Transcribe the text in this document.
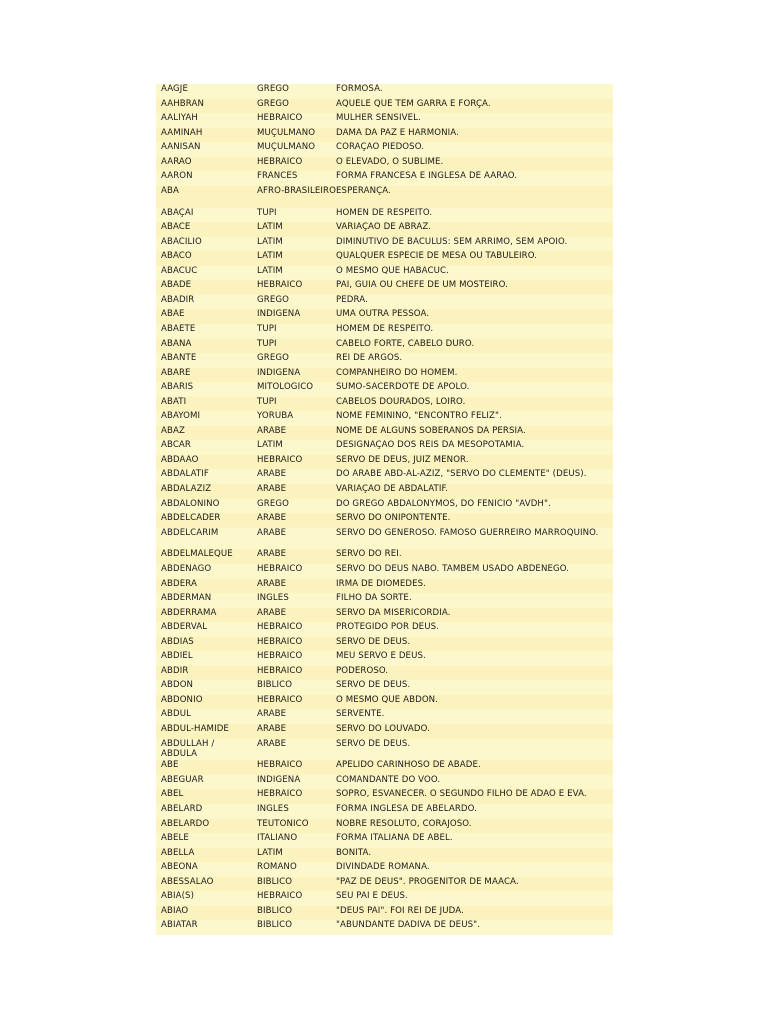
AAGJE	GREGO	FORMOSA.
AAHBRAN	GREGO	AQUELE QUE TEM GARRA E FORÇA.
AALIYAH	HEBRAICO	MULHER SENSÍVEL.
AAMINAH	MUÇULMANO	DAMA DA PAZ E HARMONIA.
AANISAN	MUÇULMANO	CORAÇÃO PIEDOSO.
AARÃO	HEBRAICO	O ELEVADO, O SUBLIME.
AARON	FRANCÊS	FORMA FRANCESA E INGLESA DE AARÃO.
ABÁ	AFRO-BRASILEIRO	ESPERANÇA.
ABAÇAI	TUPI	HOMEN DE RESPEITO.
ABACE	LATIM	VARIAÇÃO DE ABRAZ.
ABACÍLIO	LATIM	DIMINUTIVO DE BACULUS: SEM ARRIMO, SEM APOIO.
ÁBACO	LATIM	QUALQUER ESPÉCIE DE MESA OU TABULEIRO.
ABACUC	LATIM	O MESMO QUE HABACUC.
ABADE	HEBRAICO	PAI, GUIA OU CHEFE DE UM MOSTEIRO.
ABADIR	GREGO	PEDRA.
ABAÉ	INDÍGENA	UMA OUTRA PESSOA.
ABAETÉ	TUPI	HOMEM DE RESPEITO.
ABANA	TUPI	CABELO FORTE, CABELO DURO.
ABANTE	GREGO	REI DE ARGOS.
ABARÉ	INDÍGENA	COMPANHEIRO DO HOMEM.
ABÁRIS	MITOLÓGICO	SUMO-SACERDOTE DE APOLO.
ABATI	TUPI	CABELOS DOURADOS, LOIRO.
ABAYOMI	YORUBÁ	NOME FEMININO, "ENCONTRO FELIZ".
ABÁZ	ÁRABE	NOME DE ALGUNS SOBERANOS DA PÉRSIA.
ABCAR	LATIM	DESIGNAÇÃO DOS REIS DA MESOPOTÂMIA.
ABDAÃO	HEBRAICO	SERVO DE DEUS, JUIZ MENOR.
ABDALATIF	ÁRABE	DO ÁRABE ABD-AL-AZIZ, "SERVO DO CLEMENTE" (DEUS).
ABDALAZIZ	ÁRABE	VARIAÇÃO DE ABDALATIF.
ABDALÔNINO	GREGO	DO GREGO ABDALONYMOS, DO FENÍCIO "AVDH".
ABDELCÁDER	ÁRABE	SERVO DO ONIPONTENTE.
ABDELCARIM	ÁRABE	SERVO DO GENEROSO. FAMOSO GUERREIRO MARROQUINO.
ABDELMÁLEQUE	ÁRABE	SERVO DO REI.
ABDÉNAGO	HEBRAICO	SERVO DO DEUS NABO. TAMBÉM USADO ABDÊNEGO.
ABDERA	ÁRABE	IRMÃ DE DIOMEDES.
ABDERMAN	INGLÊS	FILHO DA SORTE.
ABDERRAMÃ	ÁRABE	SERVO DA MISERICÓRDIA.
ABDERVAL	HEBRAICO	PROTEGIDO POR DEUS.
ABDIAS	HEBRAICO	SERVO DE DEUS.
ABDIEL	HEBRAICO	MEU SERVO É DEUS.
ABDIR	HEBRAICO	PODEROSO.
ABDON	BÍBLICO	SERVO DE DEUS.
ABDÔNIO	HEBRAICO	O MESMO QUE ABDON.
ABDUL	ÁRABE	SERVENTE.
ABDUL-HAMIDÉ	ÁRABE	SERVO DO LOUVADO.
ABDULLAH / ABDULA	ÁRABE	SERVO DE DEUS.
ABE	HEBRAICO	APELIDO CARINHOSO DE ABADE.
ABEGUAR	INDÍGENA	COMANDANTE DO VÔO.
ABEL	HEBRAICO	SOPRO, ESVANECER. O SEGUNDO FILHO DE ADÃO E EVA.
ABELARD	INGLÊS	FORMA INGLESA DE ABELARDO.
ABELARDO	TEUTÔNICO	NOBRE RESOLUTO, CORAJOSO.
ABELE	ITALIANO	FORMA ITALIANA DE ABEL.
ABELLA	LATIM	BONITA.
ABEONA	ROMANO	DIVINDADE ROMANA.
ABESSALÃO	BÍBLICO	"PAZ DE DEUS". PROGENITOR DE MAACÁ.
ABIA(S)	HEBRAICO	SEU PAI É DEUS.
ABIÃO	BÍBLICO	"DEUS PAI". FOI REI DE JUDÁ.
ABIATAR	BÍBLICO	"ABUNDANTE DÁDIVA DE DEUS".
